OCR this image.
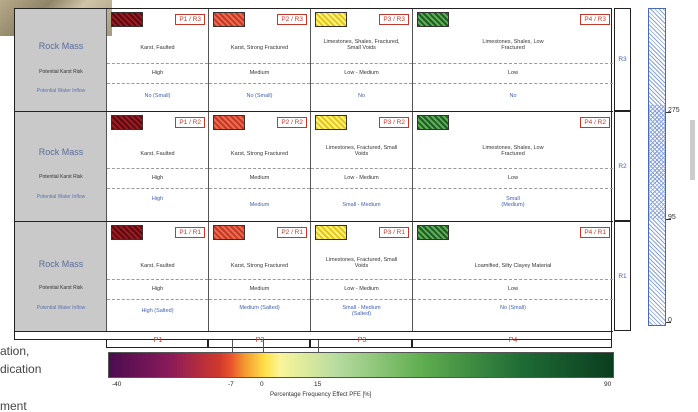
Rock Mass
Potential Karst Risk
Potential Water Inflow
P1 / R3
Karst, Faulted
High
No (Small)
P2 / R3
Karst, Strong Fractured
Medium
No (Small)
P3 / R3
Limestones, Shales, Fractured, Small Voids
Low - Medium
No
P4 / R3
Limestones, Shales, Low Fractured
Low
No
Rock Mass
Potential Karst Risk
Potential Water Inflow
P1 / R2
Karst, Faulted
High
High
P2 / R2
Karst, Strong Fractured
Medium
Medium
P3 / R2
Limestones, Fractured, Small Voids
Low - Medium
Small - Medium
P4 / R2
Limestones, Shales, Low Fractured
Low
Small (Medium)
Rock Mass
Potential Karst Risk
Potential Water Inflow
P1 / R1
Karst, Faulted
High
High (Salted)
P2 / R1
Karst, Strong Fractured
Medium
Medium (Salted)
P3 / R1
Limestones, Fractured, Small Voids
Low - Medium
Small - Medium (Salted)
P4 / R1
Loamified, Silty Clayey Material
Low
No (Small)
P1	P2	P3	P4
R3
R2
R1
275
95
0
-40	-7	0	15	90
Percentage Frequency Effect PFE [%]
ation,
dication
ment
